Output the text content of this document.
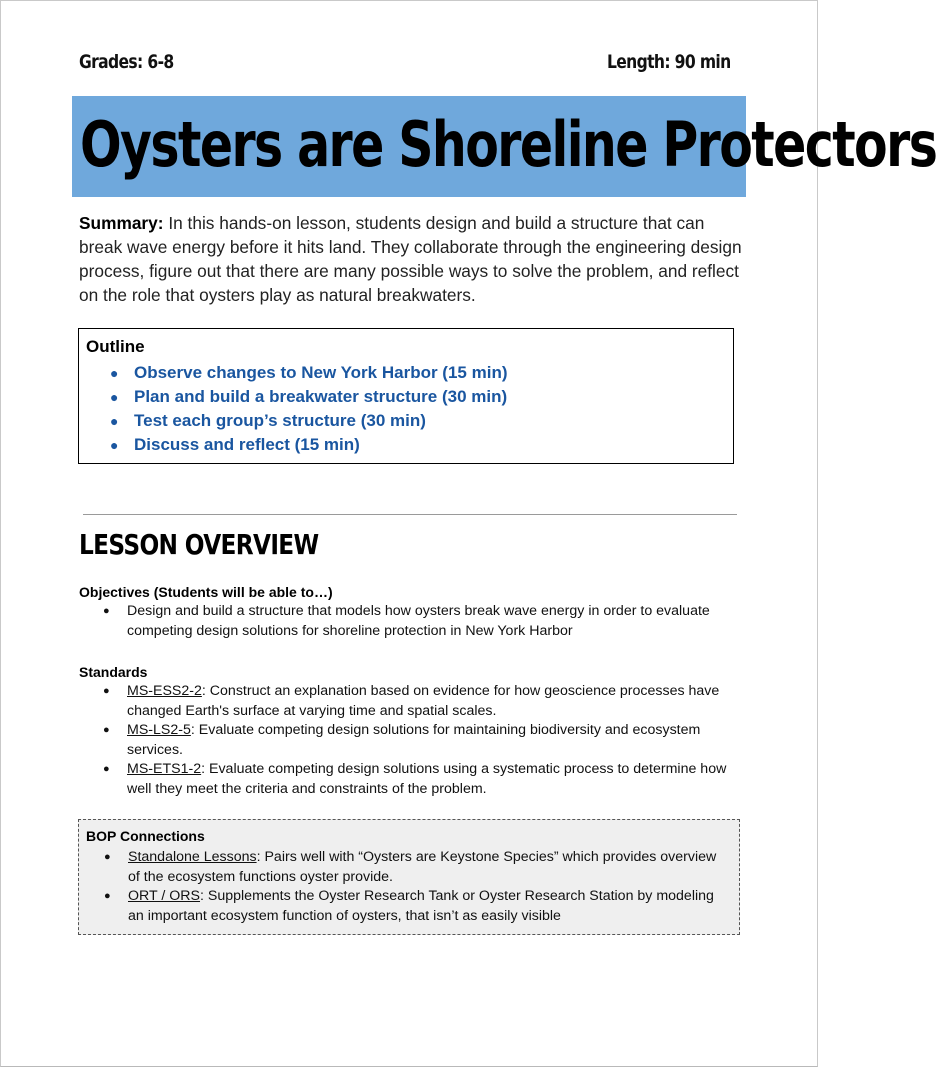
Grades: 6-8	Length: 90 min
Oysters are Shoreline Protectors

Summary: In this hands-on lesson, students design and build a structure that can break wave energy before it hits land. They collaborate through the engineering design process, figure out that there are many possible ways to solve the problem, and reflect on the role that oysters play as natural breakwaters.

Outline
● Observe changes to New York Harbor (15 min)
● Plan and build a breakwater structure (30 min)
● Test each group’s structure (30 min)
● Discuss and reflect (15 min)
LESSON OVERVIEW
Objectives (Students will be able to…)
● Design and build a structure that models how oysters break wave energy in order to evaluate competing design solutions for shoreline protection in New York Harbor
Standards
● MS-ESS2-2: Construct an explanation based on evidence for how geoscience processes have changed Earth's surface at varying time and spatial scales.
● MS-LS2-5: Evaluate competing design solutions for maintaining biodiversity and ecosystem services.
● MS-ETS1-2: Evaluate competing design solutions using a systematic process to determine how well they meet the criteria and constraints of the problem.
BOP Connections
● Standalone Lessons: Pairs well with “Oysters are Keystone Species” which provides overview of the ecosystem functions oyster provide.
● ORT / ORS: Supplements the Oyster Research Tank or Oyster Research Station by modeling an important ecosystem function of oysters, that isn’t as easily visible
